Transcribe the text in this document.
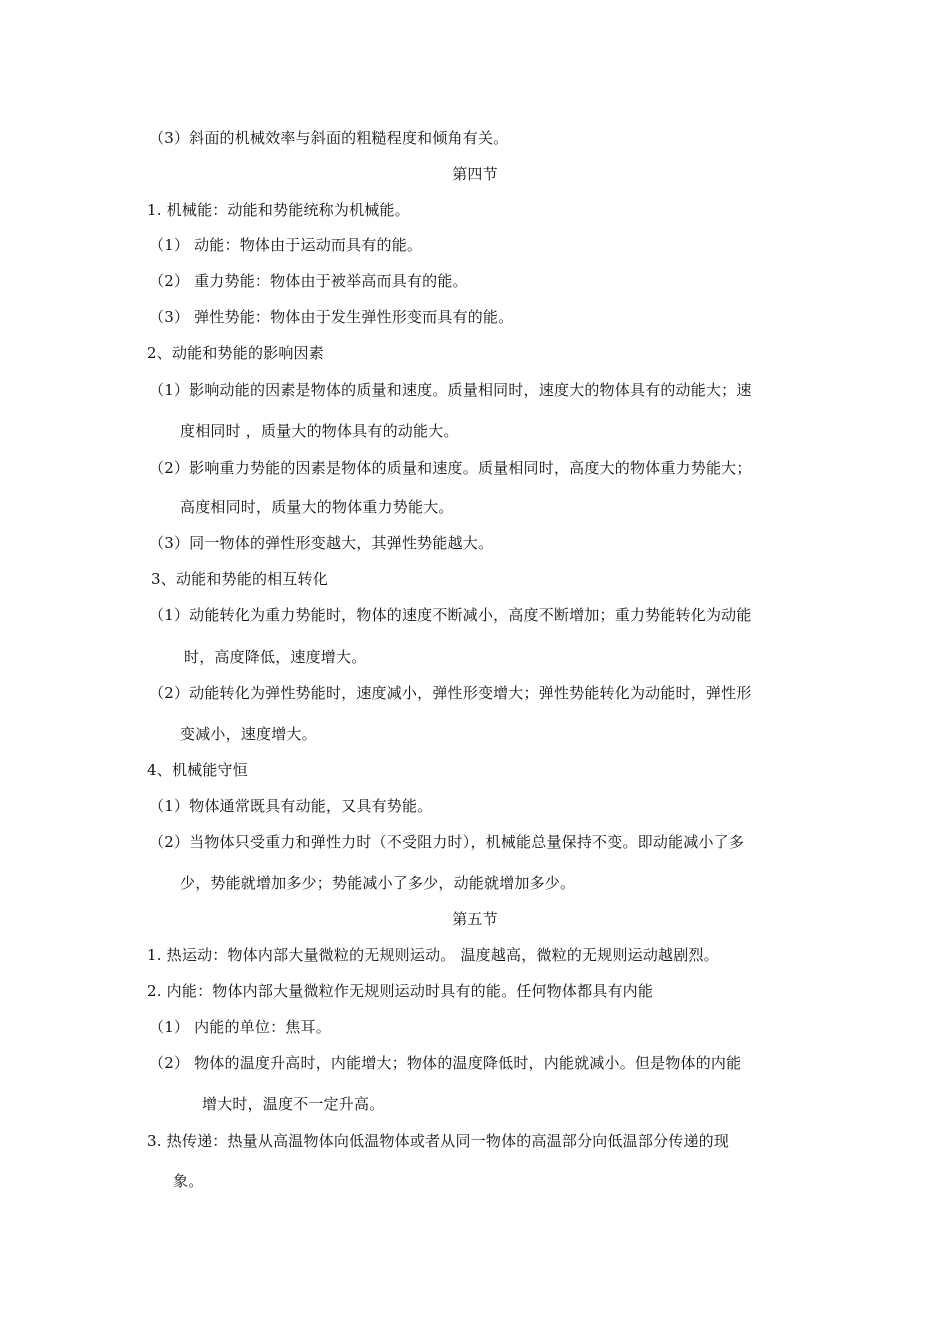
（3）斜面的机械效率与斜面的粗糙程度和倾角有关。
第四节
1. 机械能：动能和势能统称为机械能。
（1） 动能：物体由于运动而具有的能。
（2） 重力势能：物体由于被举高而具有的能。
（3） 弹性势能：物体由于发生弹性形变而具有的能。
2、动能和势能的影响因素
（1）影响动能的因素是物体的质量和速度。质量相同时，速度大的物体具有的动能大；速
度相同时 ，质量大的物体具有的动能大。
（2）影响重力势能的因素是物体的质量和速度。质量相同时，高度大的物体重力势能大；
高度相同时，质量大的物体重力势能大。
（3）同一物体的弹性形变越大，其弹性势能越大。
3、动能和势能的相互转化
（1）动能转化为重力势能时，物体的速度不断减小，高度不断增加；重力势能转化为动能
时，高度降低，速度增大。
（2）动能转化为弹性势能时，速度减小，弹性形变增大；弹性势能转化为动能时，弹性形
变减小，速度增大。
4、机械能守恒
（1）物体通常既具有动能，又具有势能。
（2）当物体只受重力和弹性力时（不受阻力时），机械能总量保持不变。即动能减小了多
少，势能就增加多少；势能减小了多少，动能就增加多少。
第五节
1. 热运动：物体内部大量微粒的无规则运动。 温度越高，微粒的无规则运动越剧烈。
2. 内能：物体内部大量微粒作无规则运动时具有的能。任何物体都具有内能
（1） 内能的单位：焦耳。
（2） 物体的温度升高时，内能增大；物体的温度降低时，内能就减小。但是物体的内能
增大时，温度不一定升高。
3. 热传递：热量从高温物体向低温物体或者从同一物体的高温部分向低温部分传递的现
象。
